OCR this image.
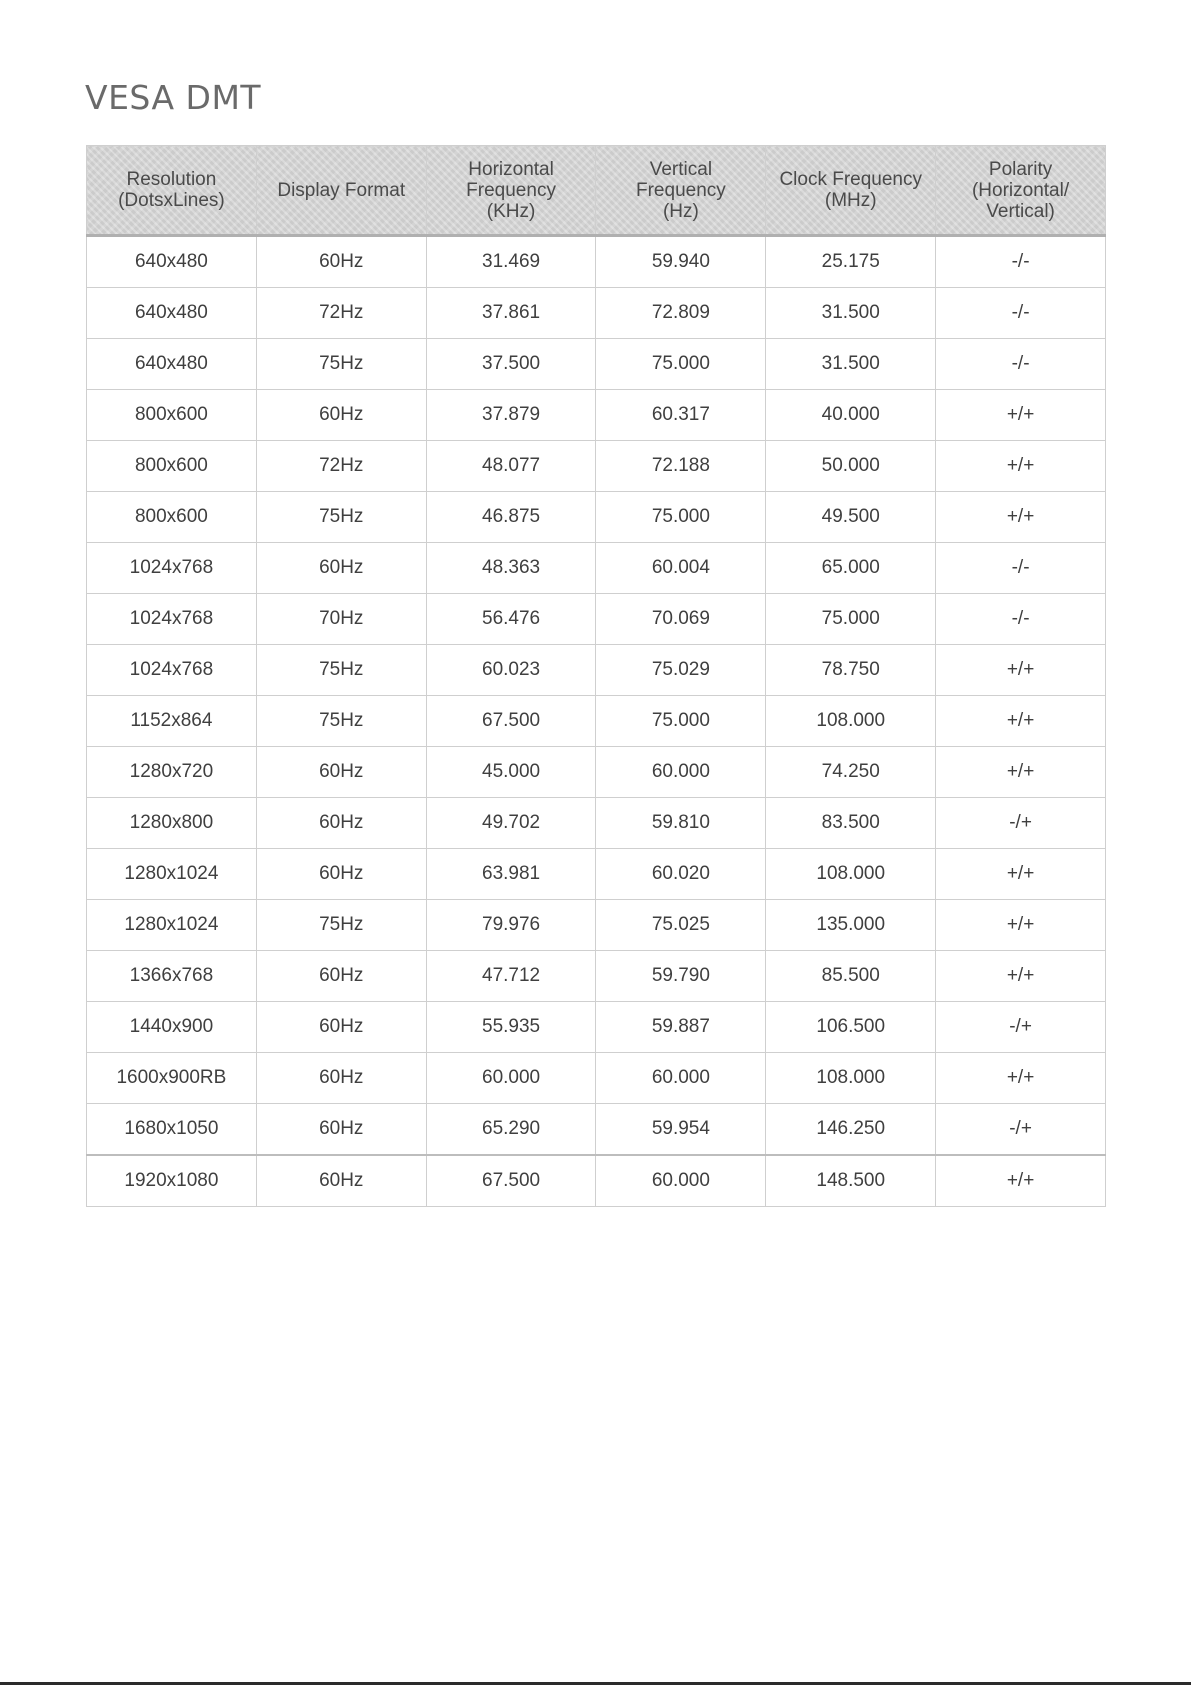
VESA DMT
Resolution
(DotsxLines)	Display Format	Horizontal
Frequency
(KHz)	Vertical
Frequency
(Hz)	Clock Frequency
(MHz)	Polarity
(Horizontal/
Vertical)

640x480	60Hz	31.469	59.940	25.175	-/-
640x480	72Hz	37.861	72.809	31.500	-/-
640x480	75Hz	37.500	75.000	31.500	-/-
800x600	60Hz	37.879	60.317	40.000	+/+
800x600	72Hz	48.077	72.188	50.000	+/+
800x600	75Hz	46.875	75.000	49.500	+/+
1024x768	60Hz	48.363	60.004	65.000	-/-
1024x768	70Hz	56.476	70.069	75.000	-/-
1024x768	75Hz	60.023	75.029	78.750	+/+
1152x864	75Hz	67.500	75.000	108.000	+/+
1280x720	60Hz	45.000	60.000	74.250	+/+
1280x800	60Hz	49.702	59.810	83.500	-/+
1280x1024	60Hz	63.981	60.020	108.000	+/+
1280x1024	75Hz	79.976	75.025	135.000	+/+
1366x768	60Hz	47.712	59.790	85.500	+/+
1440x900	60Hz	55.935	59.887	106.500	-/+
1600x900RB	60Hz	60.000	60.000	108.000	+/+
1680x1050	60Hz	65.290	59.954	146.250	-/+
1920x1080	60Hz	67.500	60.000	148.500	+/+
